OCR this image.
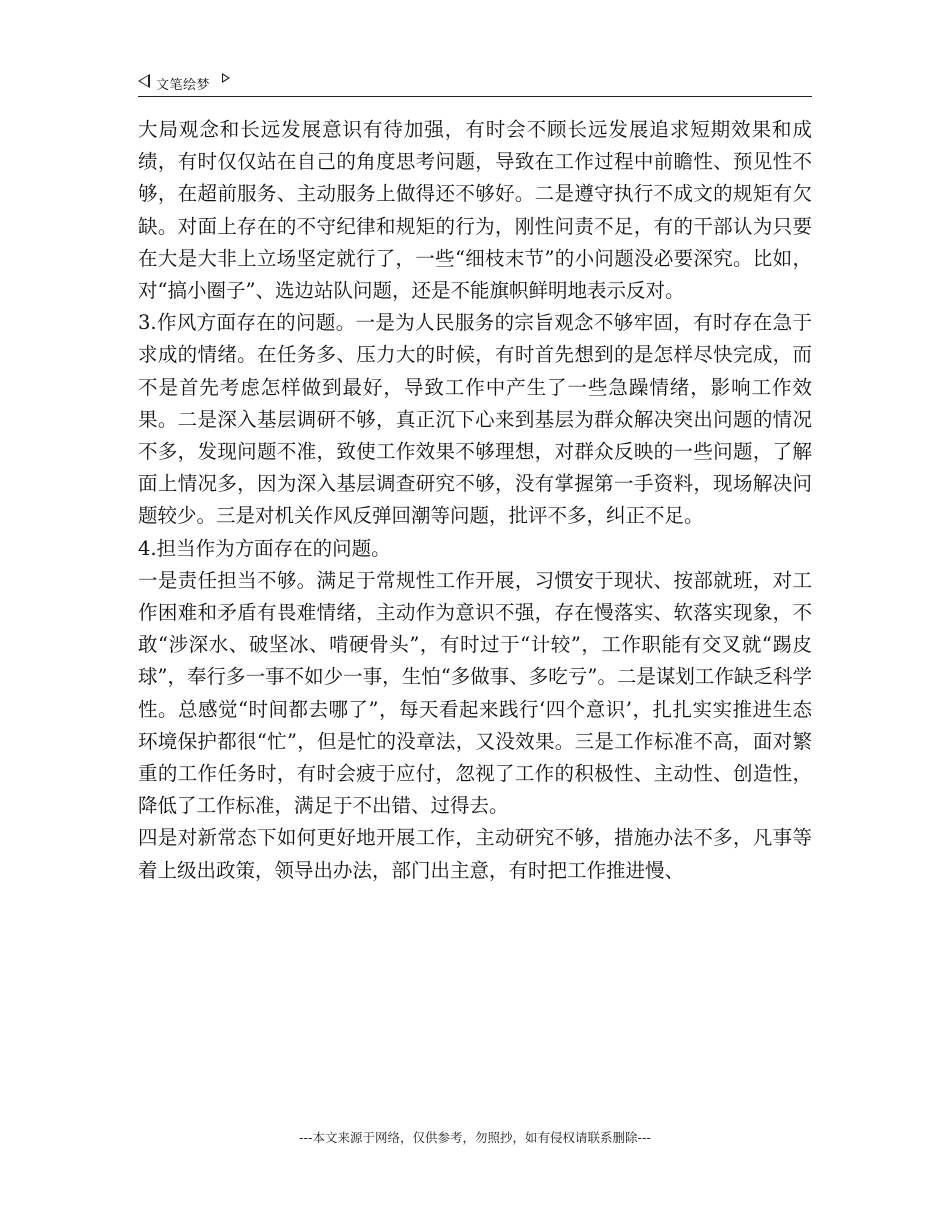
文笔绘梦

大局观念和长远发展意识有待加强，有时会不顾长远发展追求短期效果和成绩，有时仅仅站在自己的角度思考问题，导致在工作过程中前瞻性、预见性不够，在超前服务、主动服务上做得还不够好。二是遵守执行不成文的规矩有欠缺。对面上存在的不守纪律和规矩的行为，刚性问责不足，有的干部认为只要在大是大非上立场坚定就行了，一些“细枝末节”的小问题没必要深究。比如，对“搞小圈子”、选边站队问题，还是不能旗帜鲜明地表示反对。

3.作风方面存在的问题。一是为人民服务的宗旨观念不够牢固，有时存在急于求成的情绪。在任务多、压力大的时候，有时首先想到的是怎样尽快完成，而不是首先考虑怎样做到最好，导致工作中产生了一些急躁情绪，影响工作效果。二是深入基层调研不够，真正沉下心来到基层为群众解决突出问题的情况不多，发现问题不准，致使工作效果不够理想，对群众反映的一些问题，了解面上情况多，因为深入基层调查研究不够，没有掌握第一手资料，现场解决问题较少。三是对机关作风反弹回潮等问题，批评不多，纠正不足。

4.担当作为方面存在的问题。

一是责任担当不够。满足于常规性工作开展，习惯安于现状、按部就班，对工作困难和矛盾有畏难情绪，主动作为意识不强，存在慢落实、软落实现象，不敢“涉深水、破坚冰、啃硬骨头”，有时过于“计较”，工作职能有交叉就“踢皮球”，奉行多一事不如少一事，生怕“多做事、多吃亏”。二是谋划工作缺乏科学性。总感觉“时间都去哪了”，每天看起来践行‘四个意识’，扎扎实实推进生态环境保护都很“忙”，但是忙的没章法，又没效果。三是工作标准不高，面对繁重的工作任务时，有时会疲于应付，忽视了工作的积极性、主动性、创造性，降低了工作标准，满足于不出错、过得去。

四是对新常态下如何更好地开展工作，主动研究不够，措施办法不多，凡事等着上级出政策，领导出办法，部门出主意，有时把工作推进慢、

---本文来源于网络，仅供参考，勿照抄，如有侵权请联系删除---
